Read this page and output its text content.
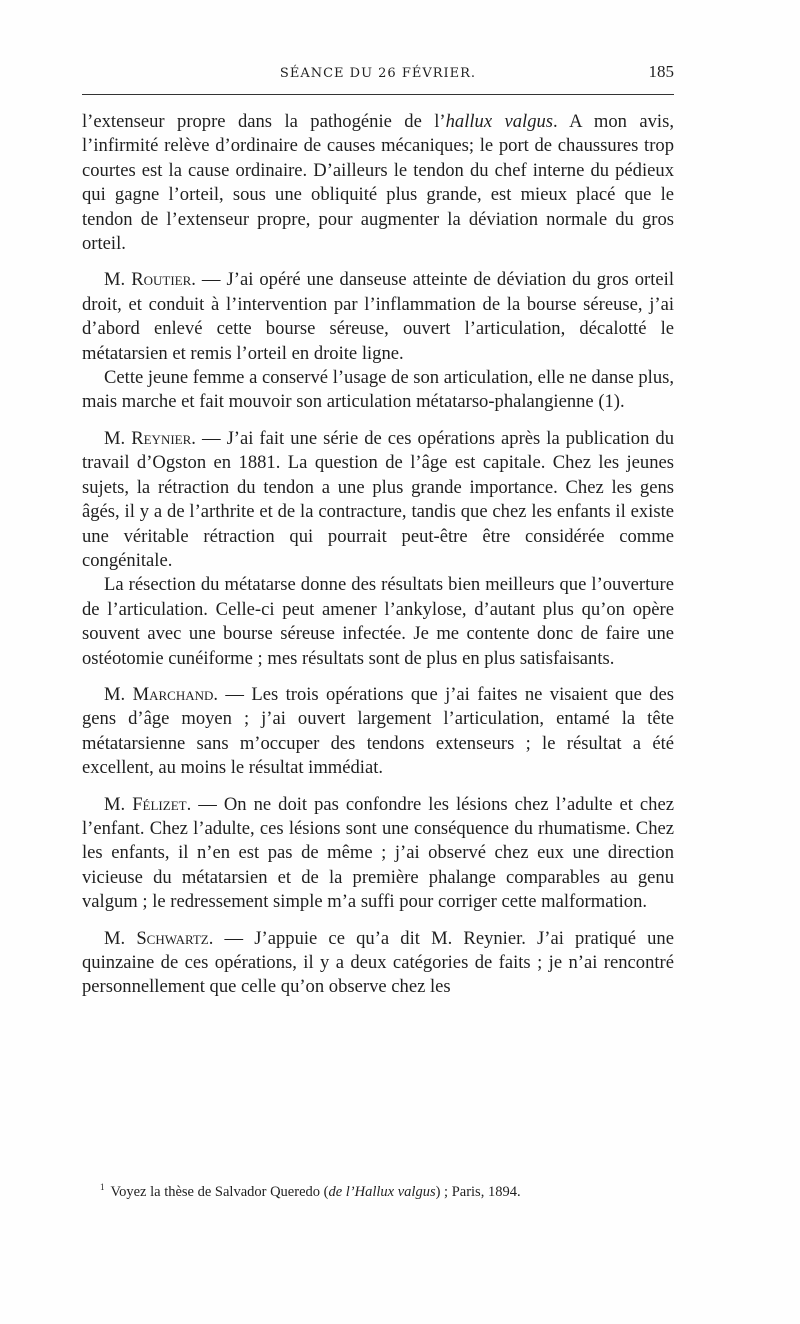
SÉANCE DU 26 FÉVRIER.	185

l’extenseur propre dans la pathogénie de l’hallux valgus. A mon avis, l’infirmité relève d’ordinaire de causes mécaniques; le port de chaussures trop courtes est la cause ordinaire. D’ailleurs le tendon du chef interne du pédieux qui gagne l’orteil, sous une obliquité plus grande, est mieux placé que le tendon de l’extenseur propre, pour augmenter la déviation normale du gros orteil.

M. Routier. — J’ai opéré une danseuse atteinte de déviation du gros orteil droit, et conduit à l’intervention par l’inflammation de la bourse séreuse, j’ai d’abord enlevé cette bourse séreuse, ouvert l’articulation, décalotté le métatarsien et remis l’orteil en droite ligne.

Cette jeune femme a conservé l’usage de son articulation, elle ne danse plus, mais marche et fait mouvoir son articulation métatarso-phalangienne (1).

M. Reynier. — J’ai fait une série de ces opérations après la publication du travail d’Ogston en 1881. La question de l’âge est capitale. Chez les jeunes sujets, la rétraction du tendon a une plus grande importance. Chez les gens âgés, il y a de l’arthrite et de la contracture, tandis que chez les enfants il existe une véritable rétraction qui pourrait peut-être être considérée comme congénitale.

La résection du métatarse donne des résultats bien meilleurs que l’ouverture de l’articulation. Celle-ci peut amener l’ankylose, d’autant plus qu’on opère souvent avec une bourse séreuse infectée. Je me contente donc de faire une ostéotomie cunéiforme ; mes résultats sont de plus en plus satisfaisants.

M. Marchand. — Les trois opérations que j’ai faites ne visaient que des gens d’âge moyen ; j’ai ouvert largement l’articulation, entamé la tête métatarsienne sans m’occuper des tendons extenseurs ; le résultat a été excellent, au moins le résultat immédiat.

M. Félizet. — On ne doit pas confondre les lésions chez l’adulte et chez l’enfant. Chez l’adulte, ces lésions sont une conséquence du rhumatisme. Chez les enfants, il n’en est pas de même ; j’ai observé chez eux une direction vicieuse du métatarsien et de la première phalange comparables au genu valgum ; le redressement simple m’a suffi pour corriger cette malformation.

M. Schwartz. — J’appuie ce qu’a dit M. Reynier. J’ai pratiqué une quinzaine de ces opérations, il y a deux catégories de faits ; je n’ai rencontré personnellement que celle qu’on observe chez les

$^1$ Voyez la thèse de Salvador Queredo (de l’Hallux valgus) ; Paris, 1894.
